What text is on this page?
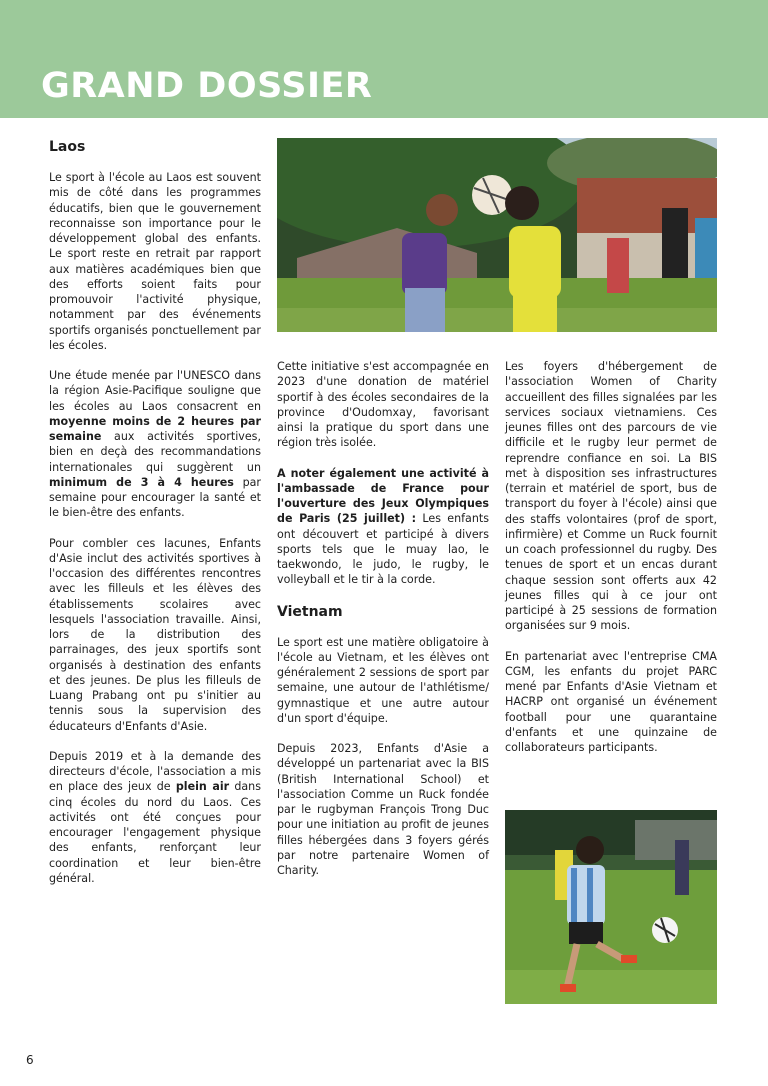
GRAND DOSSIER
Laos

Le sport à l'école au Laos est souvent mis de côté dans les programmes éducatifs, bien que le gouvernement reconnaisse son importance pour le développement global des enfants. Le sport reste en retrait par rapport aux matières académiques bien que des efforts soient faits pour promouvoir l'activité physique, notamment par des événements sportifs organisés ponctuellement par les écoles.

Une étude menée par l'UNESCO dans la région Asie-Pacifique souligne que les écoles au Laos consacrent en moyenne moins de 2 heures par semaine aux activités sportives, bien en deçà des recommandations internationales qui suggèrent un minimum de 3 à 4 heures par semaine pour encourager la santé et le bien-être des enfants.

Pour combler ces lacunes, Enfants d'Asie inclut des activités sportives à l'occasion des différentes rencontres avec les filleuls et les élèves des établissements scolaires avec lesquels l'association travaille. Ainsi, lors de la distribution des parrainages, des jeux sportifs sont organisés à destination des enfants et des jeunes. De plus les filleuls de Luang Prabang ont pu s'initier au tennis sous la supervision des éducateurs d'Enfants d'Asie.

Depuis 2019 et à la demande des directeurs d'école, l'association a mis en place des jeux de plein air dans cinq écoles du nord du Laos. Ces activités ont été conçues pour encourager l'engagement physique des enfants, renforçant leur coordination et leur bien-être général.

Cette initiative s'est accompagnée en 2023 d'une donation de matériel sportif à des écoles secondaires de la province d'Oudomxay, favorisant ainsi la pratique du sport dans une région très isolée.

A noter également une activité à l'ambassade de France pour l'ouverture des Jeux Olympiques de Paris (25 juillet) : Les enfants ont découvert et participé à divers sports tels que le muay lao, le taekwondo, le judo, le rugby, le volleyball et le tir à la corde.

Vietnam

Le sport est une matière obligatoire à l'école au Vietnam, et les élèves ont généralement 2 sessions de sport par semaine, une autour de l'athlétisme/ gymnastique et une autre autour d'un sport d'équipe.

Depuis 2023, Enfants d'Asie a développé un partenariat avec la BIS (British International School) et l'association Comme un Ruck fondée par le rugbyman François Trong Duc pour une initiation au profit de jeunes filles hébergées dans 3 foyers gérés par notre partenaire Women of Charity.

Les foyers d'hébergement de l'association Women of Charity accueillent des filles signalées par les services sociaux vietnamiens. Ces jeunes filles ont des parcours de vie difficile et le rugby leur permet de reprendre confiance en soi. La BIS met à disposition ses infrastructures (terrain et matériel de sport, bus de transport du foyer à l'école) ainsi que des staffs volontaires (prof de sport, infirmière) et Comme un Ruck fournit un coach professionnel du rugby. Des tenues de sport et un encas durant chaque session sont offerts aux 42 jeunes filles qui à ce jour ont participé à 25 sessions de formation organisées sur 9 mois.

En partenariat avec l'entreprise CMA CGM, les enfants du projet PARC mené par Enfants d'Asie Vietnam et HACRP ont organisé un événement football pour une quarantaine d'enfants et une quinzaine de collaborateurs participants.

6
